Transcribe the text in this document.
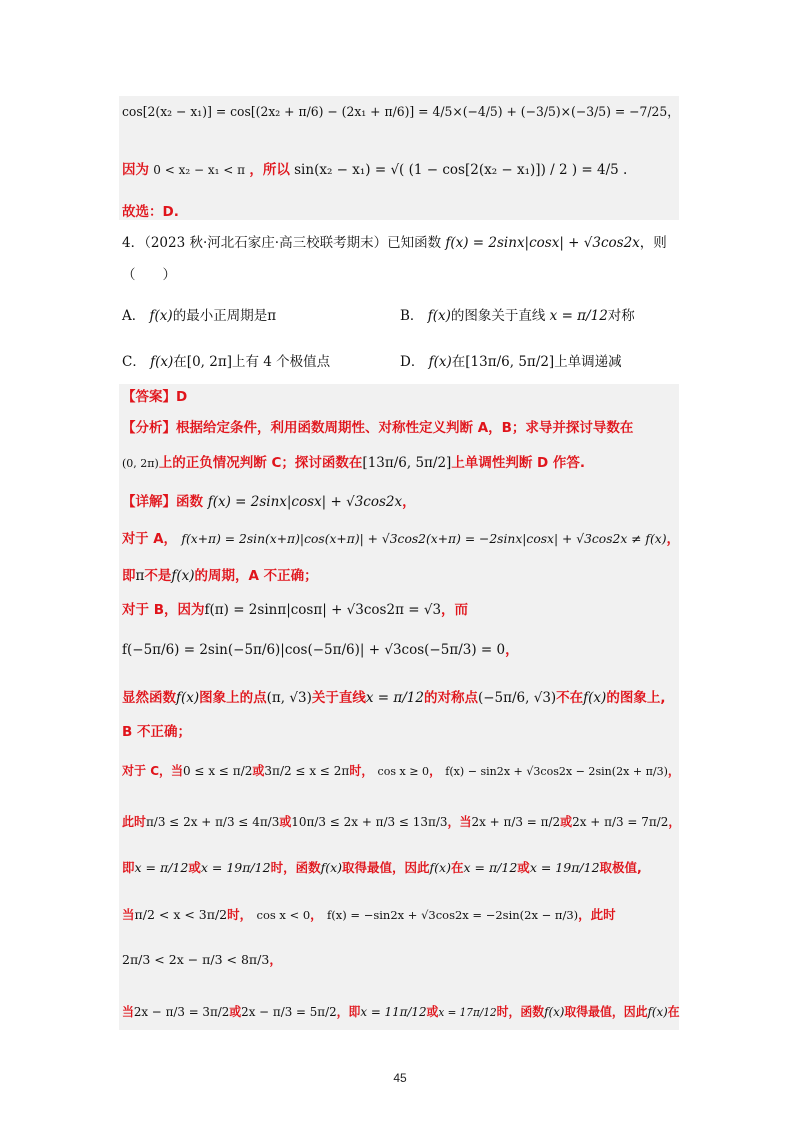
cos[2(x₂ − x₁)] = cos[(2x₂ + π/6) − (2x₁ + π/6)] = 4/5×(−4/5) + (−3/5)×(−3/5) = −7/25，
因为 0 < x₂ − x₁ < π ，所以 sin(x₂ − x₁) = √( (1 − cos[2(x₂ − x₁)]) / 2 ) = 4/5 .
故选：D.
4．（2023 秋·河北石家庄·高三校联考期末）已知函数 f(x) = 2sinx|cosx| + √3cos2x，则
（　　）
A． f(x)的最小正周期是π	B． f(x)的图象关于直线 x = π/12对称
C． f(x)在[0, 2π]上有 4 个极值点	D． f(x)在[13π/6, 5π/2]上单调递减
【答案】D
【分析】根据给定条件，利用函数周期性、对称性定义判断 A，B；求导并探讨导数在
(0, 2π)上的正负情况判断 C；探讨函数在[13π/6, 5π/2]上单调性判断 D 作答.
【详解】函数 f(x) = 2sinx|cosx| + √3cos2x，
对于 A， f(x+π) = 2sin(x+π)|cos(x+π)| + √3cos2(x+π) = −2sinx|cosx| + √3cos2x ≠ f(x)，
即π不是f(x)的周期，A 不正确；
对于 B，因为f(π) = 2sinπ|cosπ| + √3cos2π = √3，而
f(−5π/6) = 2sin(−5π/6)|cos(−5π/6)| + √3cos(−5π/3) = 0，
显然函数f(x)图象上的点(π, √3)关于直线x = π/12的对称点(−5π/6, √3)不在f(x)的图象上,
B 不正确；
对于 C，当0 ≤ x ≤ π/2或3π/2 ≤ x ≤ 2π时， cos x ≥ 0， f(x) − sin2x + √3cos2x − 2sin(2x + π/3)，
此时π/3 ≤ 2x + π/3 ≤ 4π/3或10π/3 ≤ 2x + π/3 ≤ 13π/3，当2x + π/3 = π/2或2x + π/3 = 7π/2，
即x = π/12或x = 19π/12时，函数f(x)取得最值，因此f(x)在x = π/12或x = 19π/12取极值,
当π/2 < x < 3π/2时， cos x < 0， f(x) = −sin2x + √3cos2x = −2sin(2x − π/3)，此时
2π/3 < 2x − π/3 < 8π/3，
当2x − π/3 = 3π/2或2x − π/3 = 5π/2，即x = 11π/12或x = 17π/12时，函数f(x)取得最值，因此f(x)在
45
